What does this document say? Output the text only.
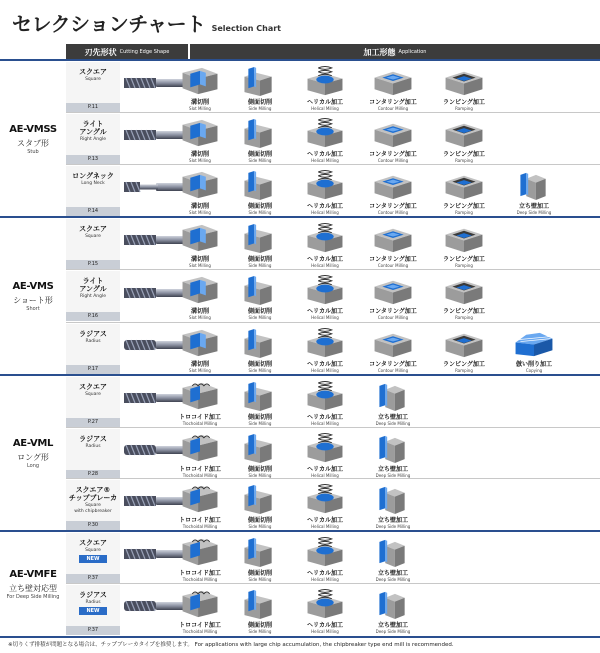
セレクションチャート Selection Chart
刃先形状 Cutting Edge Shape	加工形態 Application
AE-VMSS
スタブ形
Stub
スクエア
Square
P.11
溝切削
Slot Milling
側面切削
Side Milling
ヘリカル加工
Helical Milling
コンタリング加工
Contour Milling
ランピング加工
Ramping
ライト
アングル
Right Angle
P.13
溝切削
Slot Milling
側面切削
Side Milling
ヘリカル加工
Helical Milling
コンタリング加工
Contour Milling
ランピング加工
Ramping
ロングネック
Long Neck
P.14
溝切削
Slot Milling
側面切削
Side Milling
ヘリカル加工
Helical Milling
コンタリング加工
Contour Milling
ランピング加工
Ramping
立ち壁加工
Deep Side Milling
AE-VMS
ショート形
Short
スクエア
Square
P.15
溝切削
Slot Milling
側面切削
Side Milling
ヘリカル加工
Helical Milling
コンタリング加工
Contour Milling
ランピング加工
Ramping
ライト
アングル
Right Angle
P.16
溝切削
Slot Milling
側面切削
Side Milling
ヘリカル加工
Helical Milling
コンタリング加工
Contour Milling
ランピング加工
Ramping
ラジアス
Radius
P.17
溝切削
Slot Milling
側面切削
Side Milling
ヘリカル加工
Helical Milling
コンタリング加工
Contour Milling
ランピング加工
Ramping
倣い削り加工
Copying
AE-VML
ロング形
Long
スクエア
Square
P.27
トロコイド加工
Trochoidal Milling
側面切削
Side Milling
ヘリカル加工
Helical Milling
立ち壁加工
Deep Side Milling
ラジアス
Radius
P.28
トロコイド加工
Trochoidal Milling
側面切削
Side Milling
ヘリカル加工
Helical Milling
立ち壁加工
Deep Side Milling
スクエア®
チップブレーカ
Square
with chipbreaker
P.30
トロコイド加工
Trochoidal Milling
側面切削
Side Milling
ヘリカル加工
Helical Milling
立ち壁加工
Deep Side Milling
AE-VMFE
立ち壁対応型
For Deep Side Milling
スクエア
Square
NEW
P.37
トロコイド加工
Trochoidal Milling
側面切削
Side Milling
ヘリカル加工
Helical Milling
立ち壁加工
Deep Side Milling
ラジアス
Radius
NEW
P.37
トロコイド加工
Trochoidal Milling
側面切削
Side Milling
ヘリカル加工
Helical Milling
立ち壁加工
Deep Side Milling
※切りくず排積が問題となる場合は、チップブレーカタイプを推奨します。 For applications with large chip accumulation, the chipbreaker type end mill is recommended.
